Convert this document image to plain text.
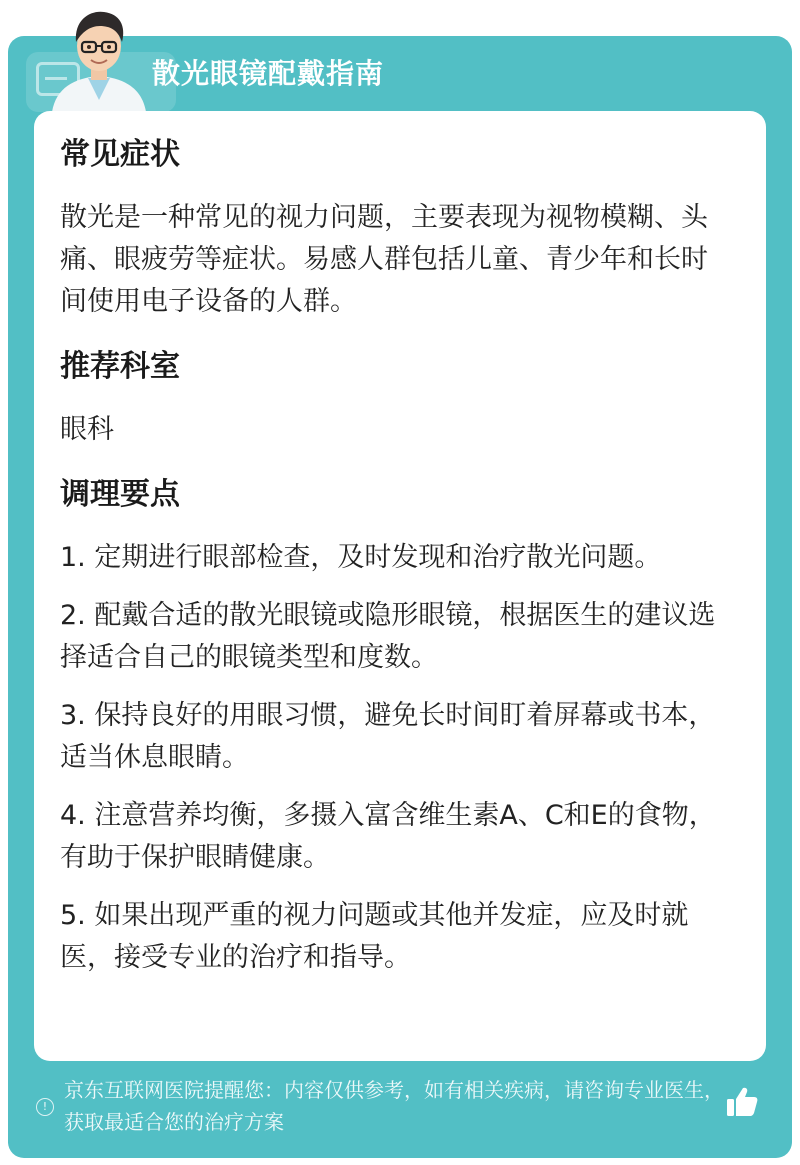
散光眼镜配戴指南
常见症状
散光是一种常见的视力问题，主要表现为视物模糊、头痛、眼疲劳等症状。易感人群包括儿童、青少年和长时间使用电子设备的人群。
推荐科室
眼科
调理要点
1. 定期进行眼部检查，及时发现和治疗散光问题。
2. 配戴合适的散光眼镜或隐形眼镜，根据医生的建议选择适合自己的眼镜类型和度数。
3. 保持良好的用眼习惯，避免长时间盯着屏幕或书本，适当休息眼睛。
4. 注意营养均衡，多摄入富含维生素A、C和E的食物，有助于保护眼睛健康。
5. 如果出现严重的视力问题或其他并发症，应及时就医，接受专业的治疗和指导。
!
京东互联网医院提醒您：内容仅供参考，如有相关疾病，请咨询专业医生，获取最适合您的治疗方案
